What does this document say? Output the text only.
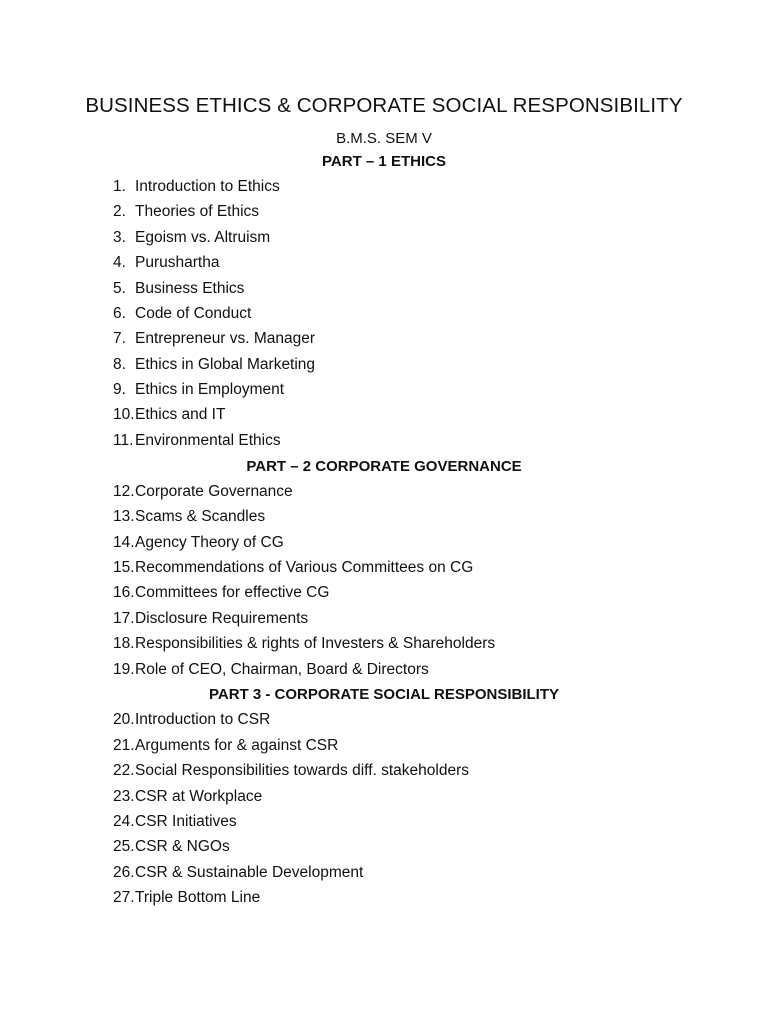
BUSINESS ETHICS & CORPORATE SOCIAL RESPONSIBILITY
B.M.S. SEM V
PART – 1 ETHICS
1. Introduction to Ethics
2. Theories of Ethics
3. Egoism vs. Altruism
4. Purushartha
5. Business Ethics
6. Code of Conduct
7. Entrepreneur vs. Manager
8. Ethics in Global Marketing
9. Ethics in Employment
10.Ethics and IT
11. Environmental Ethics
PART – 2 CORPORATE GOVERNANCE
12.Corporate Governance
13.Scams & Scandles
14.Agency Theory of CG
15.Recommendations of Various Committees on CG
16.Committees for effective CG
17.Disclosure Requirements
18.Responsibilities & rights of Investers & Shareholders
19.Role of CEO, Chairman, Board & Directors
PART 3 - CORPORATE SOCIAL RESPONSIBILITY
20.Introduction to CSR
21.Arguments for & against CSR
22.Social Responsibilities towards diff. stakeholders
23.CSR at Workplace
24.CSR Initiatives
25.CSR & NGOs
26.CSR & Sustainable Development
27.Triple Bottom Line
